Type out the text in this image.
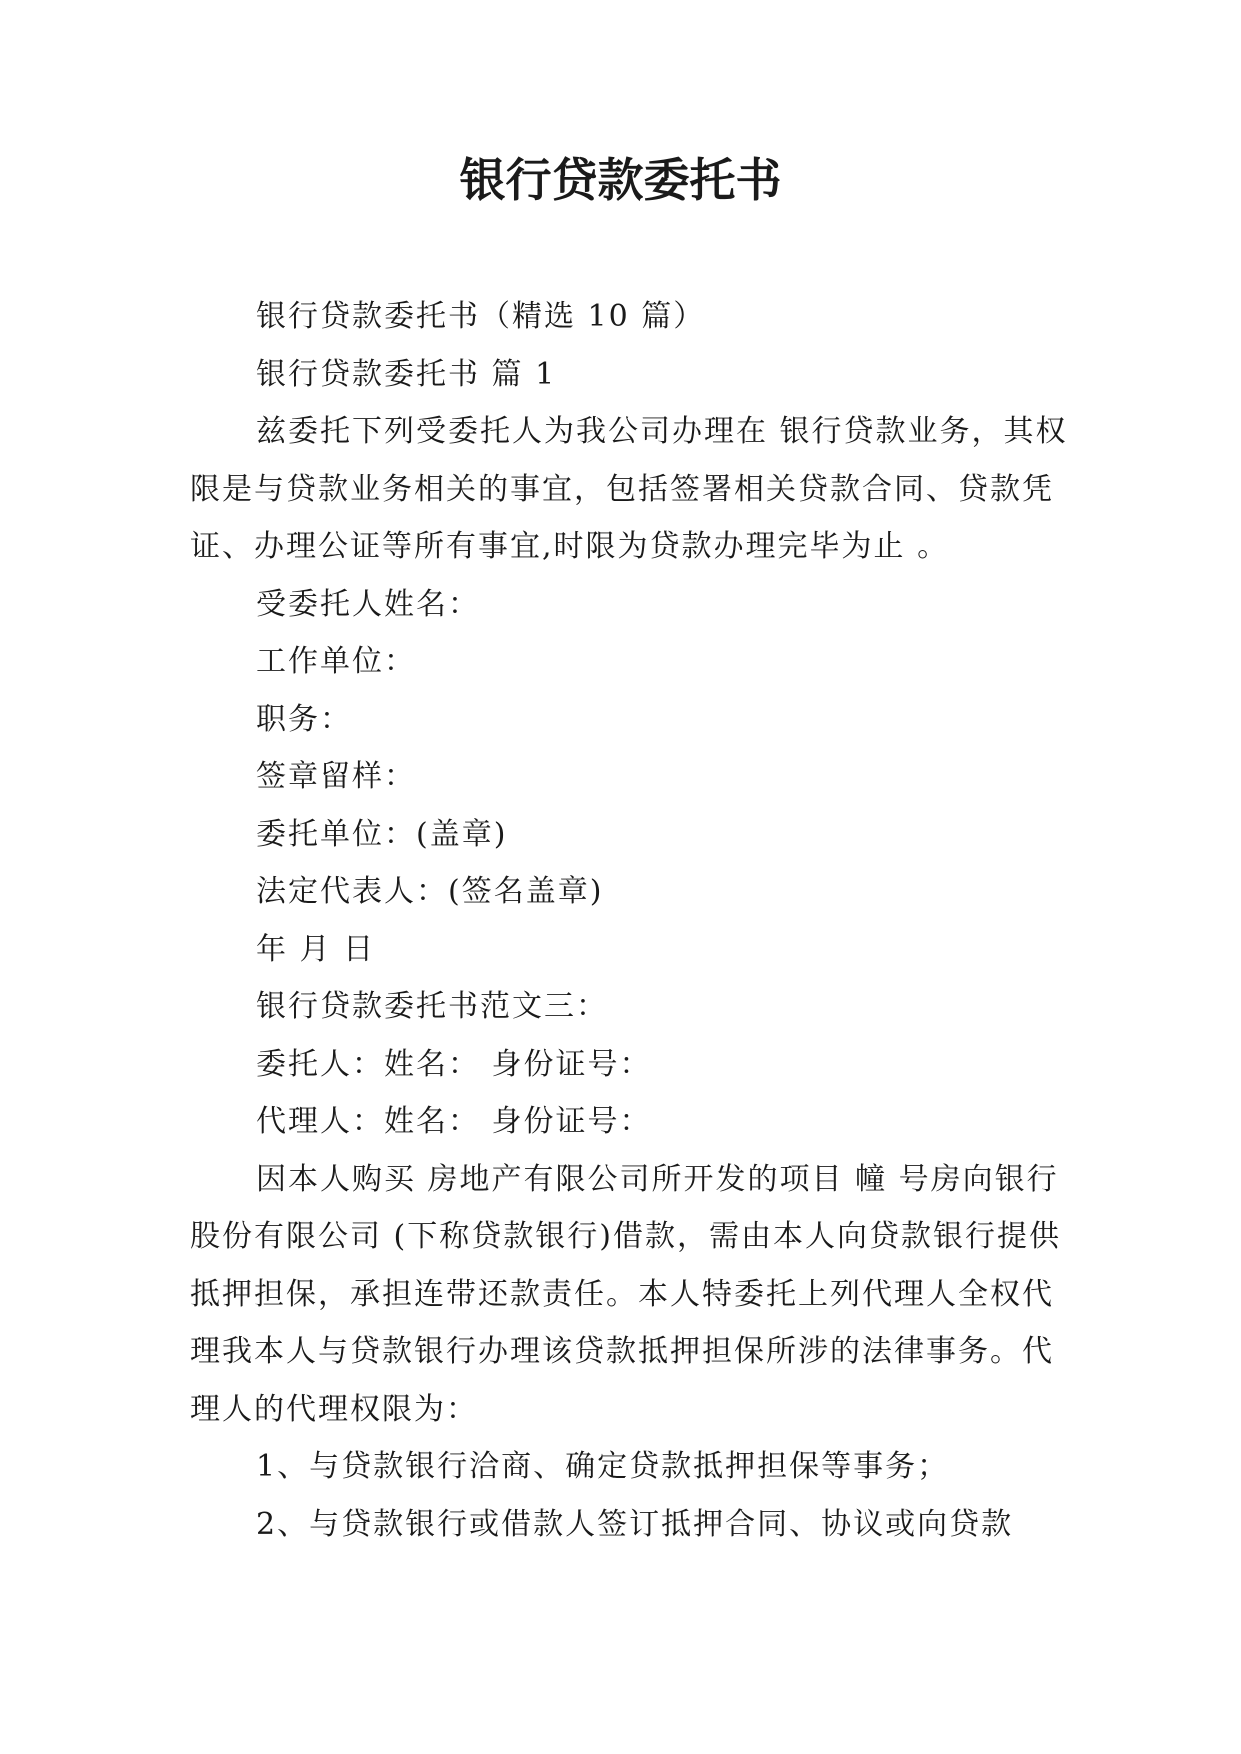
银行贷款委托书

银行贷款委托书（精选 10 篇）

银行贷款委托书 篇 1

兹委托下列受委托人为我公司办理在 银行贷款业务，其权限是与贷款业务相关的事宜，包括签署相关贷款合同、贷款凭证、办理公证等所有事宜,时限为贷款办理完毕为止 。

受委托人姓名：

工作单位：

职务：

签章留样：

委托单位：(盖章)

法定代表人：(签名盖章)

年 月 日

银行贷款委托书范文三：

委托人：姓名： 身份证号：

代理人：姓名： 身份证号：

因本人购买 房地产有限公司所开发的项目 幢 号房向银行股份有限公司 (下称贷款银行)借款，需由本人向贷款银行提供抵押担保，承担连带还款责任。本人特委托上列代理人全权代理我本人与贷款银行办理该贷款抵押担保所涉的法律事务。代理人的代理权限为：

1、与贷款银行洽商、确定贷款抵押担保等事务；

2、与贷款银行或借款人签订抵押合同、协议或向贷款
